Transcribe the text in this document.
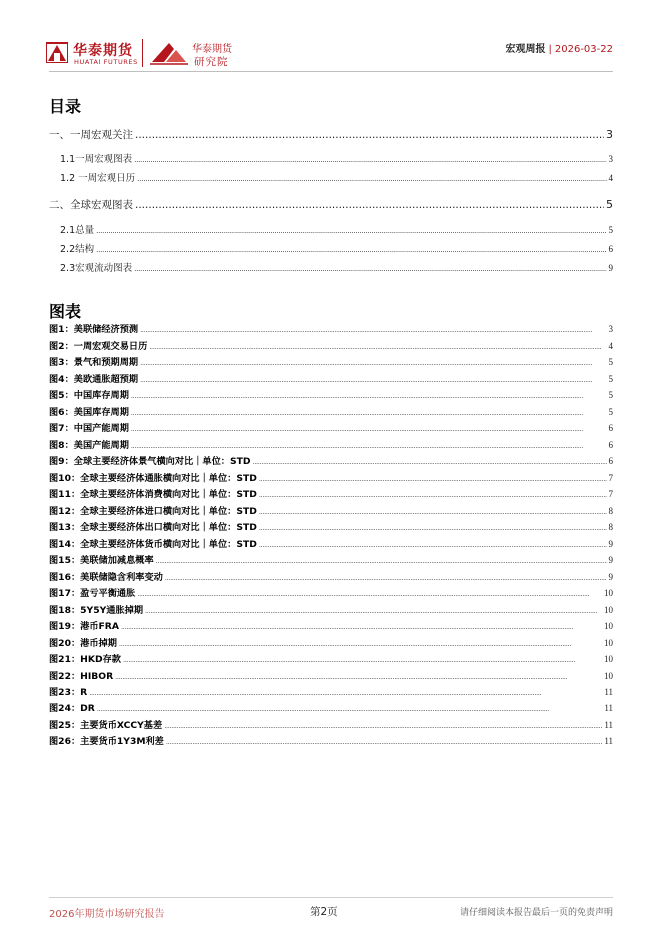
华泰期货
HUATAI FUTURES
华泰期货
研究院
宏观周报 | 2026-03-22
目录
一、一周宏观关注 .....	3
1.1一周宏观图表 .....	3
1.2 一周宏观日历 .....	4
二、全球宏观图表 .....	5
2.1总量 .....	5
2.2结构 .....	6
2.3宏观流动图表 .....	9
图表
图1：美联储经济预测 .....	3
图2：一周宏观交易日历 .....	4
图3：景气和预期周期 .....	5
图4：美欧通胀超预期 .....	5
图5：中国库存周期 .....	5
图6：美国库存周期 .....	5
图7：中国产能周期 .....	6
图8：美国产能周期 .....	6
图9：全球主要经济体景气横向对比｜单位：STD .....	6
图10：全球主要经济体通胀横向对比｜单位：STD .....	7
图11：全球主要经济体消费横向对比｜单位：STD .....	7
图12：全球主要经济体进口横向对比｜单位：STD .....	8
图13：全球主要经济体出口横向对比｜单位：STD .....	8
图14：全球主要经济体货币横向对比｜单位：STD .....	9
图15：美联储加减息概率 .....	9
图16：美联储隐含利率变动 .....	9
图17：盈亏平衡通胀 .....	10
图18：5Y5Y通胀掉期 .....	10
图19：港币FRA .....	10
图20：港币掉期 .....	10
图21：HKD存款 .....	10
图22：HIBOR .....	10
图23：R .....	11
图24：DR .....	11
图25：主要货币XCCY基差 .....	11
图26：主要货币1Y3M利差 .....	11
2026年期货市场研究报告	第2页	请仔细阅读本报告最后一页的免责声明
